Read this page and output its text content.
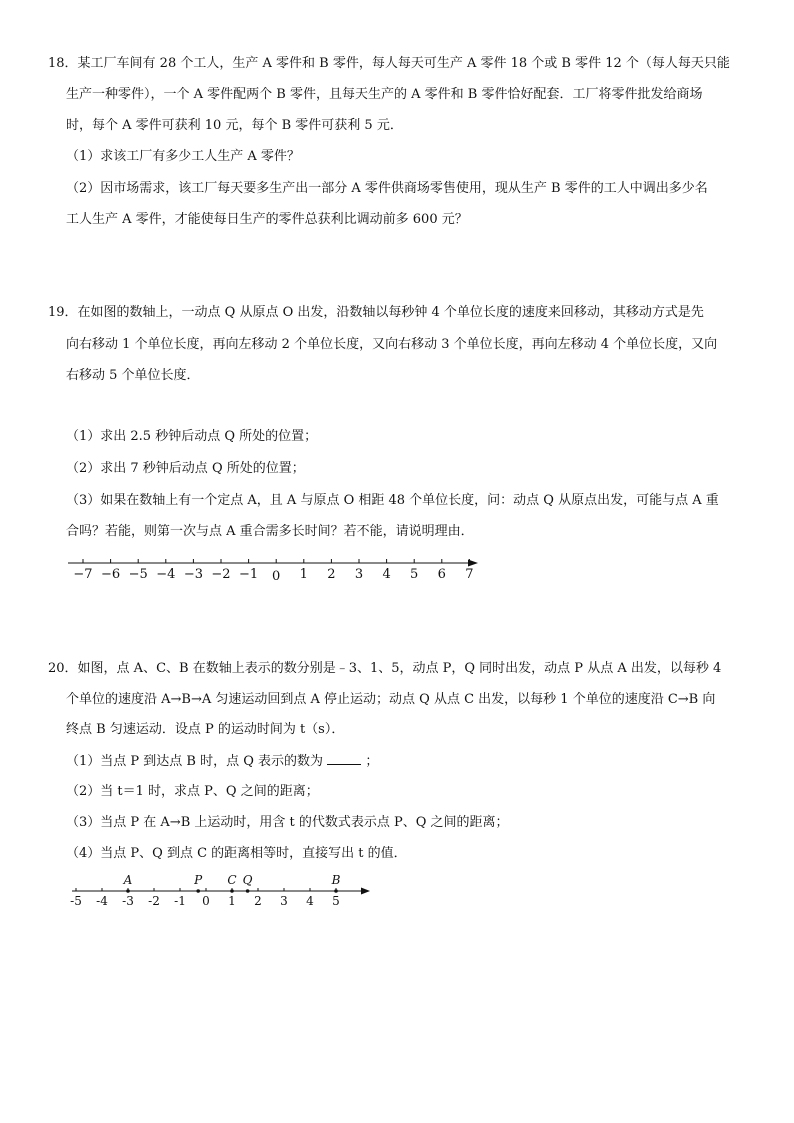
18．某工厂车间有 28 个工人，生产 A 零件和 B 零件，每人每天可生产 A 零件 18 个或 B 零件 12 个（每人每天只能
生产一种零件），一个 A 零件配两个 B 零件，且每天生产的 A 零件和 B 零件恰好配套．工厂将零件批发给商场
时，每个 A 零件可获利 10 元，每个 B 零件可获利 5 元．
（1）求该工厂有多少工人生产 A 零件？
（2）因市场需求，该工厂每天要多生产出一部分 A 零件供商场零售使用，现从生产 B 零件的工人中调出多少名
工人生产 A 零件，才能使每日生产的零件总获利比调动前多 600 元？
19．在如图的数轴上，一动点 Q 从原点 O 出发，沿数轴以每秒钟 4 个单位长度的速度来回移动，其移动方式是先
向右移动 1 个单位长度，再向左移动 2 个单位长度，又向右移动 3 个单位长度，再向左移动 4 个单位长度，又向
右移动 5 个单位长度．
（1）求出 2.5 秒钟后动点 Q 所处的位置；
（2）求出 7 秒钟后动点 Q 所处的位置；
（3）如果在数轴上有一个定点 A，且 A 与原点 O 相距 48 个单位长度，问：动点 Q 从原点出发，可能与点 A 重
合吗？若能，则第一次与点 A 重合需多长时间？若不能，请说明理由．
−7 −6 −5 −4 −3 −2 −1 0 1 2 3 4 5 6 7
20．如图，点 A、C、B 在数轴上表示的数分别是﹣3、1、5，动点 P，Q 同时出发，动点 P 从点 A 出发，以每秒 4
个单位的速度沿 A→B→A 匀速运动回到点 A 停止运动；动点 Q 从点 C 出发，以每秒 1 个单位的速度沿 C→B 向
终点 B 匀速运动．设点 P 的运动时间为 t（s）．
（1）当点 P 到达点 B 时，点 Q 表示的数为	；
（2）当 t＝1 时，求点 P、Q 之间的距离；
（3）当点 P 在 A→B 上运动时，用含 t 的代数式表示点 P、Q 之间的距离；
（4）当点 P、Q 到点 C 的距离相等时，直接写出 t 的值．
-5 -4 -3 -2 -1 0 1 2 3 4 5
A	P C Q	B
